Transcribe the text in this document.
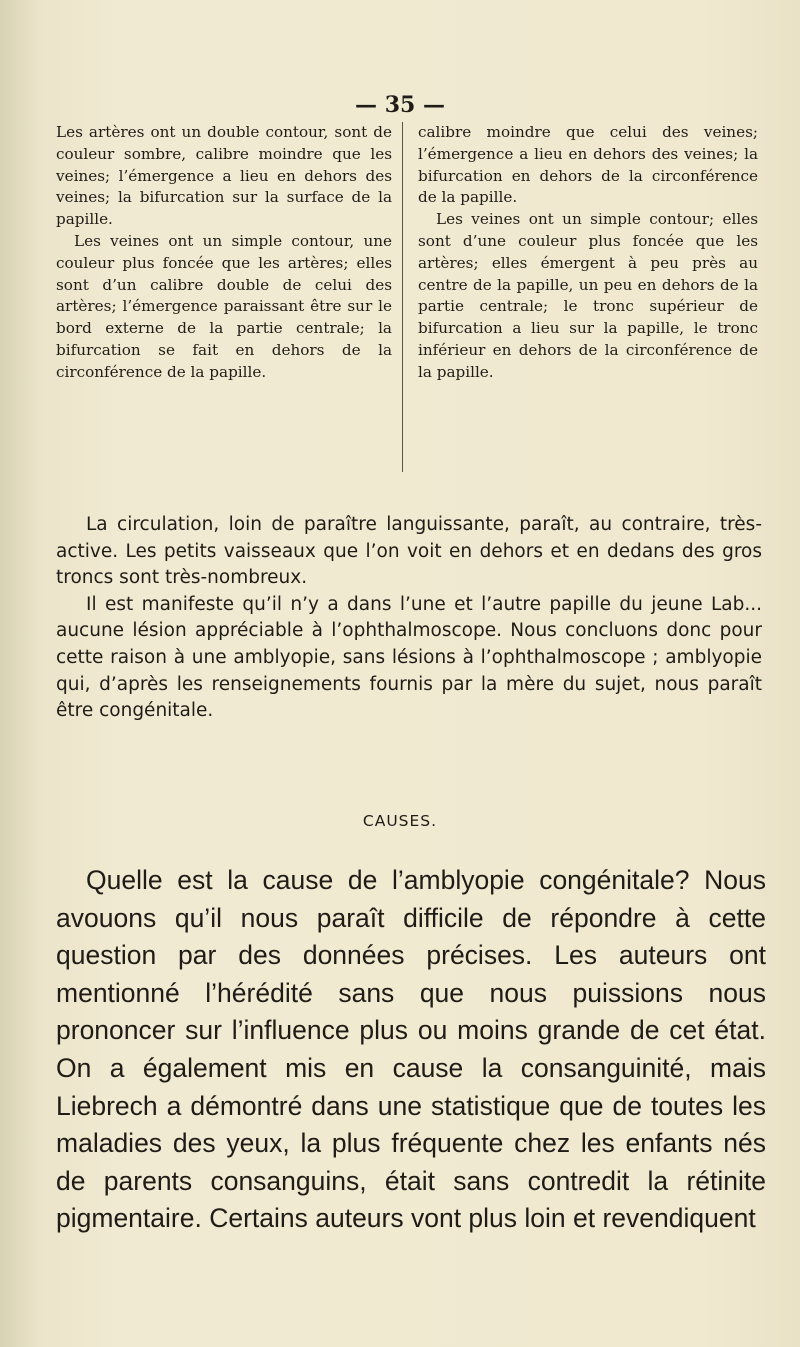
— 35 —

Les artères ont un double contour, sont de couleur sombre, calibre moindre que les veines; l’émergence a lieu en dehors des veines; la bifurcation sur la surface de la papille.

Les veines ont un simple contour, une couleur plus foncée que les artères; elles sont d’un calibre double de celui des artères; l’émergence paraissant être sur le bord externe de la partie centrale; la bifurcation se fait en dehors de la circonférence de la papille.

calibre moindre que celui des veines; l’émergence a lieu en dehors des veines; la bifurcation en dehors de la circonférence de la papille.

Les veines ont un simple contour; elles sont d’une couleur plus foncée que les artères; elles émergent à peu près au centre de la papille, un peu en dehors de la partie centrale; le tronc supérieur de bifurcation a lieu sur la papille, le tronc inférieur en dehors de la circonférence de la papille.

La circulation, loin de paraître languissante, paraît, au contraire, très-active. Les petits vaisseaux que l’on voit en dehors et en dedans des gros troncs sont très-nombreux.

Il est manifeste qu’il n’y a dans l’une et l’autre papille du jeune Lab... aucune lésion appréciable à l’ophthalmoscope. Nous concluons donc pour cette raison à une amblyopie, sans lésions à l’ophthalmoscope ; amblyopie qui, d’après les renseignements fournis par la mère du sujet, nous paraît être congénitale.

CAUSES.

Quelle est la cause de l’amblyopie congénitale? Nous avouons qu’il nous paraît difficile de répondre à cette question par des données précises. Les auteurs ont mentionné l’hérédité sans que nous puissions nous prononcer sur l’influence plus ou moins grande de cet état. On a également mis en cause la consanguinité, mais Liebrech a démontré dans une statistique que de toutes les maladies des yeux, la plus fréquente chez les enfants nés de parents consanguins, était sans contredit la rétinite pigmentaire. Certains auteurs vont plus loin et revendiquent
